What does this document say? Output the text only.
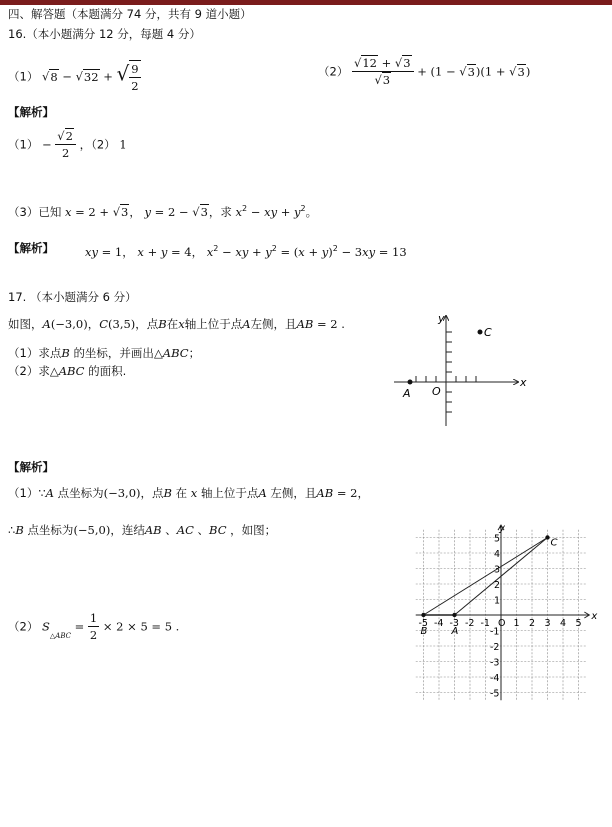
四、解答题（本题满分 74 分，共有 9 道小题）
16.（本小题满分 12 分，每题 4 分）
（1） √8 − √32 + √ $\frac{9}{2}$	$(2) \frac{√12 + √3}{√3} + (1 - √3)(1 + √3)$
【解析】
$(1) - \frac{√2}{2}$ ，（2） 1
（3）已知 x = 2 + √3， y = 2 − √3，求 $x^2$ − xy + $y^2$。
【解析】	xy = 1， x + y = 4， $x^2$ − xy + $y^2 = (x + y)^2 - 3xy = 13$
17. （本小题满分 6 分）
如图，A(−3,0)，C(3,5)，点B在x轴上位于点A左侧，且AB = 2 .
（1）求点B 的坐标，并画出△ABC；
（2）求△ABC 的面积.
y
x
O
A
C
【解析】
（1）∵A 点坐标为(−3,0)，点B 在 x 轴上位于点A 左侧，且AB = 2，
∴B 点坐标为(−5,0)，连结AB 、AC 、BC ，如图；
（2） $S_{\triangle ABC} = \frac{1}{2} \times 2 \times 5 = 5$ .	-5 -4 -3 -2 -1 O 1 2 3 4 5
5
4
3
2
1
-1
-2
-3
-4
-5
x
y
C
B A
